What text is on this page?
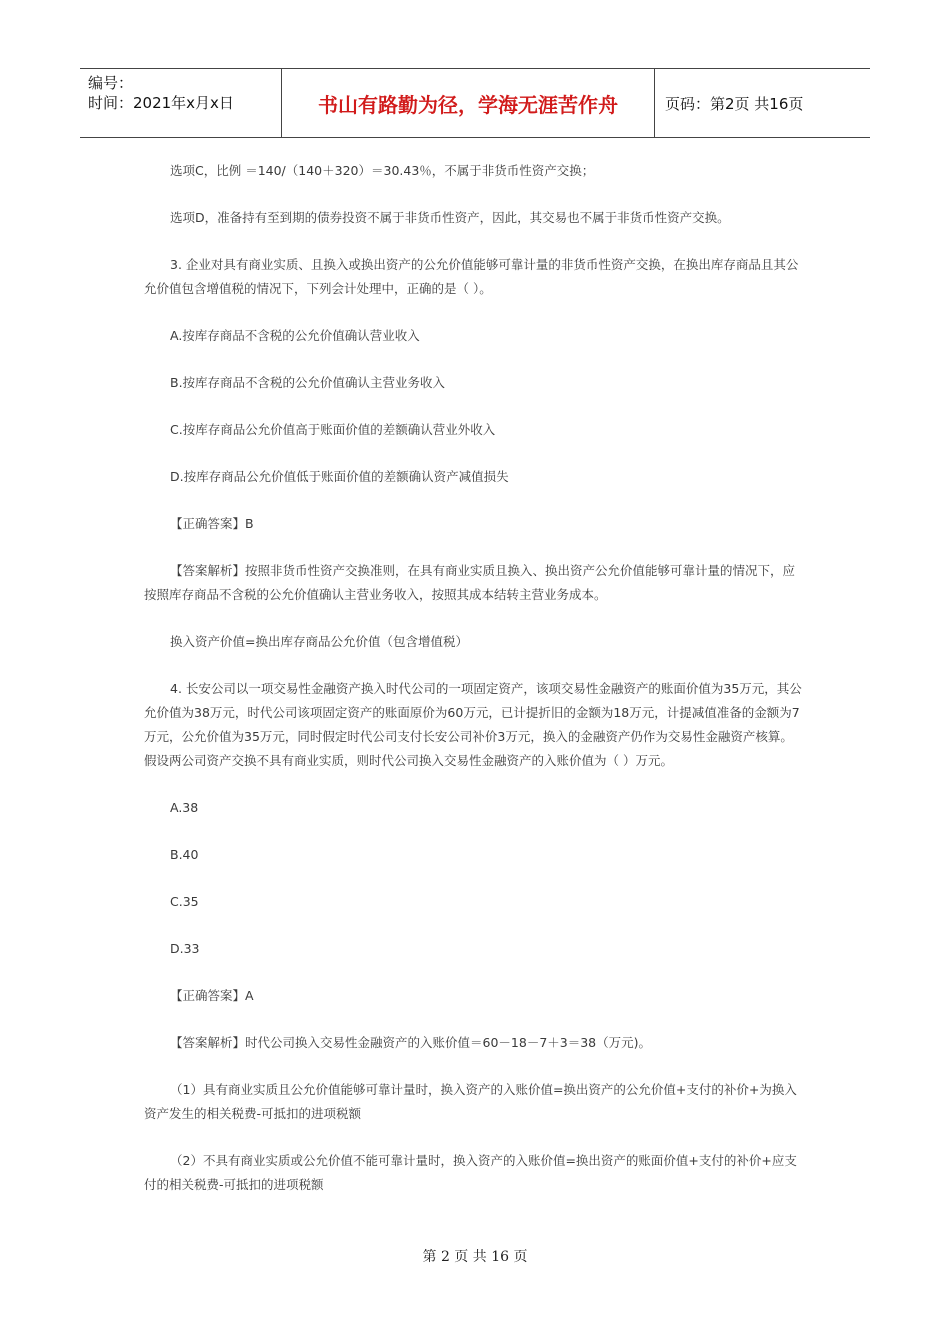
编号：
时间：2021年x月x日	书山有路勤为径，学海无涯苦作舟	页码：第2页 共16页

选项C，比例 ＝140/（140＋320）＝30.43％，不属于非货币性资产交换；

选项D，准备持有至到期的债券投资不属于非货币性资产，因此，其交易也不属于非货币性资产交换。

3. 企业对具有商业实质、且换入或换出资产的公允价值能够可靠计量的非货币性资产交换，在换出库存商品且其公允价值包含增值税的情况下，下列会计处理中，正确的是（ ）。

A.按库存商品不含税的公允价值确认营业收入

B.按库存商品不含税的公允价值确认主营业务收入

C.按库存商品公允价值高于账面价值的差额确认营业外收入

D.按库存商品公允价值低于账面价值的差额确认资产减值损失

【正确答案】B

【答案解析】按照非货币性资产交换准则，在具有商业实质且换入、换出资产公允价值能够可靠计量的情况下，应按照库存商品不含税的公允价值确认主营业务收入，按照其成本结转主营业务成本。

换入资产价值=换出库存商品公允价值（包含增值税）

4. 长安公司以一项交易性金融资产换入时代公司的一项固定资产，该项交易性金融资产的账面价值为35万元，其公允价值为38万元，时代公司该项固定资产的账面原价为60万元，已计提折旧的金额为18万元，计提减值准备的金额为7万元，公允价值为35万元，同时假定时代公司支付长安公司补价3万元，换入的金融资产仍作为交易性金融资产核算。假设两公司资产交换不具有商业实质，则时代公司换入交易性金融资产的入账价值为（ ）万元。

A.38

B.40

C.35

D.33

【正确答案】A

【答案解析】时代公司换入交易性金融资产的入账价值＝60－18－7＋3＝38（万元)。

（1）具有商业实质且公允价值能够可靠计量时，换入资产的入账价值=换出资产的公允价值+支付的补价+为换入资产发生的相关税费-可抵扣的进项税额

（2）不具有商业实质或公允价值不能可靠计量时，换入资产的入账价值=换出资产的账面价值+支付的补价+应支付的相关税费-可抵扣的进项税额

第 2 页 共 16 页
